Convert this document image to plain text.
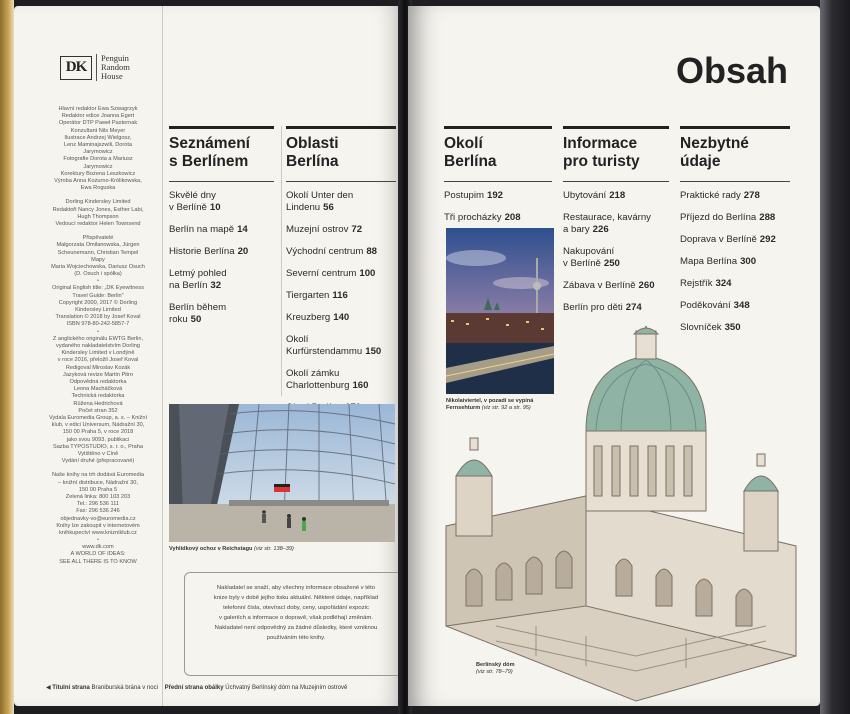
DK
Penguin
Random
House
Hlavní redaktor Ewa Szwagrzyk
Redaktor edice Joanna Egert
Operátor DTP Paweł Pasternak
Konzultant Nils Meyer
Ilustrace Andrzej Wielgosz,
Lenz Maminajszwili, Dorota
Jarymowicz
Fotografie Dorota a Mariusz
Jarymowicz
Korektury Bożena Leszkowicz
Výroba Anna Kożurno-Królikowska,
Ewa Roguska
Dorling Kindersley Limited
Redaktoři Nancy Jones, Esther Labi,
Hugh Thompson
Vedoucí redaktor Helen Townsend
Přispěvatelé
Małgorzata Omilanowska, Jürgen
Scheunemann, Christian Tempel
Mapy
Maria Wojciechowska, Dariusz Osuch
(D. Osuch i spółka)
•
Original English title: „DK Eyewitness
Travel Guide: Berlin"
Copyright 2000, 2017 © Dorling
Kindersley Limited
Translation © 2018 by Josef Koval
ISBN 978-80-242-5857-7
•
Z anglického originálu EWTG Berlin,
vydaného nakladatelstvím Dorling
Kindersley Limited v Londýně
v roce 2016, přeložil Josef Koval
Redigoval Miroslav Kozák
Jazyková revize Martin Pitro
Odpovědná redaktorka
Leona Macháčková
Technická redaktorka
Růžena Hedrichová
Počet stran 352
Vydala Euromedia Group, a. s. – Knižní
klub, v edici Universum, Nádražní 30,
150 00 Praha 5, v roce 2018
jako svou 9093. publikaci
Sazba TYPOSTUDIO, s. r. o., Praha
Vytištěno v Číně
Vydání druhé (přepracované)
Naše knihy na trh dodává Euromedia
– knižní distribuce, Nádražní 30,
150 00 Praha 5
Zelená linka: 800 103 203
Tel.: 296 536 111
Fax: 296 536 246
objednavky-vo@euromedia.cz
Knihy lze zakoupit v internetovém
knihkupectví www.knizniklub.cz
•
www.dk.com
A WORLD OF IDEAS:
SEE ALL THERE IS TO KNOW
Seznámení
s Berlínem
Skvělé dny
v Berlíně 10
Berlín na mapě 14
Historie Berlína 20
Letmý pohled
na Berlín 32
Berlín během
roku 50
Oblasti
Berlína
Okolí Unter den
Lindenu 56
Muzejní ostrov 72
Východní centrum 88
Severní centrum 100
Tiergarten 116
Kreuzberg 140
Okolí Kurfürstendammu 150
Okolí zámku
Charlottenburg 160
Vyhlídkový ochoz v Reichstagu (viz str. 138–39)
Nakladatel se snaží, aby všechny informace obsažené v této
knize byly v době jejího tisku aktuální. Některé údaje, například
telefonní čísla, otevírací doby, ceny, uspořádání expozic
v galeriích a informace o dopravě, však podléhají změnám.
Nakladatel není odpovědný za žádné důsledky, které vzniknou
používáním této knihy.
◀ Titulní strana Braniburská brána v noci Přední strana obálky Úchvatný Berlínský dóm na Muzejním ostrově
Obsah
Okolí
Berlína
Postupim 192
Tři procházky 208
Informace
pro turisty
Ubytování 218
Restaurace, kavárny
a bary 226
Nakupování
v Berlíně 250
Zábava v Berlíně 260
Berlín pro děti 274
Nezbytné
údaje
Praktické rady 278
Příjezd do Berlína 288
Doprava v Berlíně 292
Mapa Berlína 300
Rejstřík 324
Poděkování 348
Slovníček 350
Nikolaiviertel, v pozadí se vypíná
Fernsehturm (viz str. 92 a str. 95)
Berlínský dóm
(viz str. 78–79)
